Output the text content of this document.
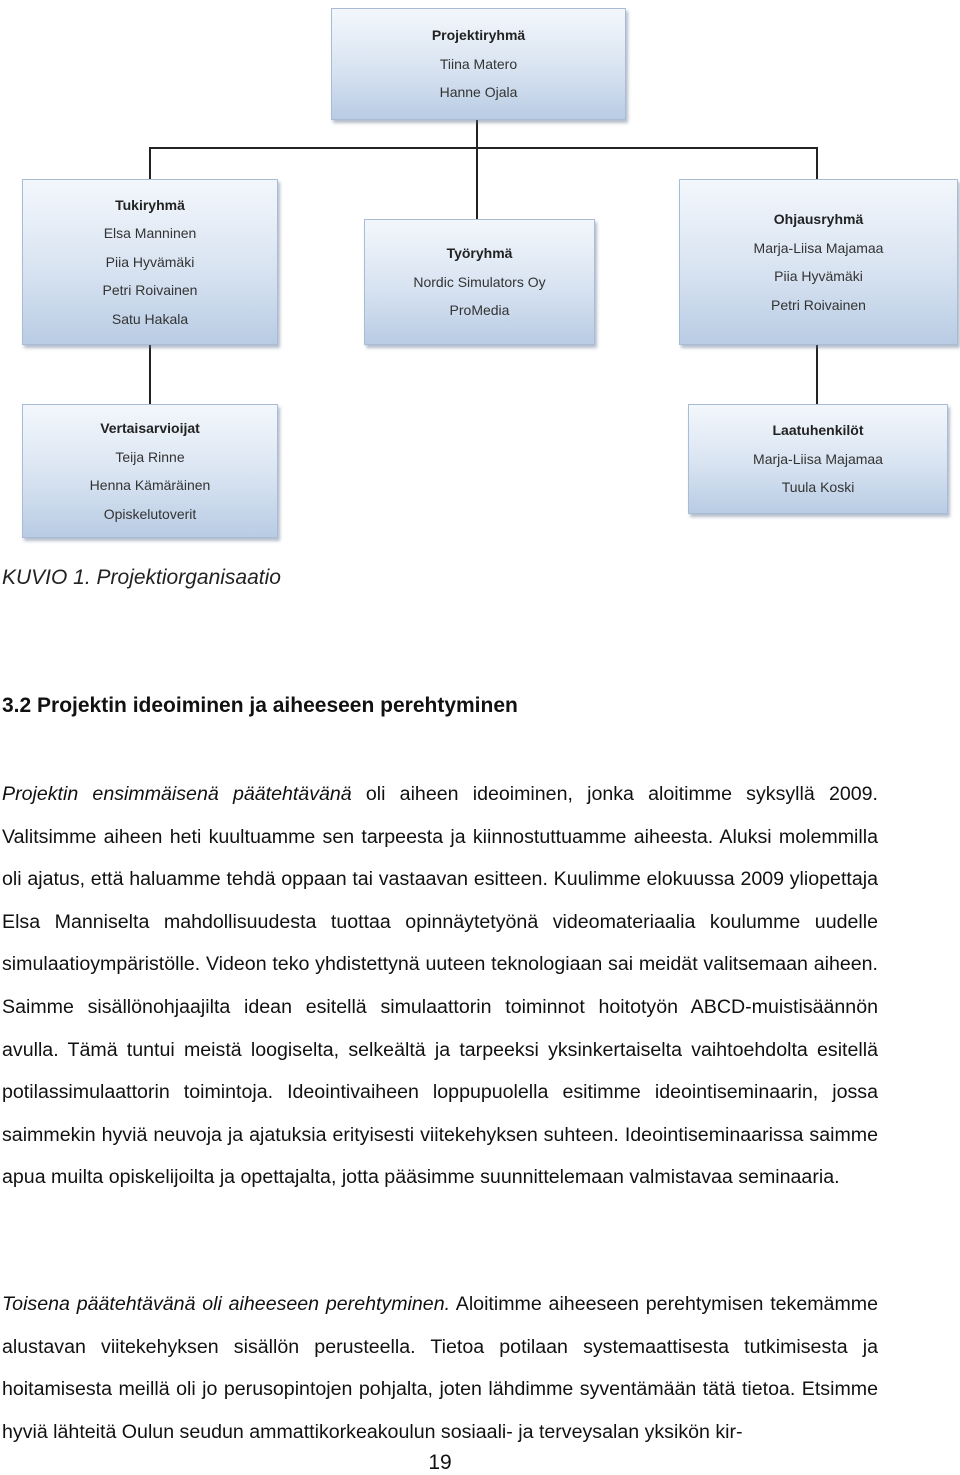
Projektiryhmä
Tiina Matero
Hanne Ojala
Tukiryhmä
Elsa Manninen
Piia Hyvämäki
Petri Roivainen
Satu Hakala
Työryhmä
Nordic Simulators Oy
ProMedia
Ohjausryhmä
Marja-Liisa Majamaa
Piia Hyvämäki
Petri Roivainen
Vertaisarvioijat
Teija Rinne
Henna Kämäräinen
Opiskelutoverit
Laatuhenkilöt
Marja-Liisa Majamaa
Tuula Koski
KUVIO 1. Projektiorganisaatio
3.2 Projektin ideoiminen ja aiheeseen perehtyminen

Projektin ensimmäisenä päätehtävänä oli aiheen ideoiminen, jonka aloitimme syksyllä 2009. Valitsimme aiheen heti kuultuamme sen tarpeesta ja kiinnostuttuamme aiheesta. Aluksi molemmilla oli ajatus, että haluamme tehdä oppaan tai vastaavan esitteen. Kuulimme elokuussa 2009 yliopettaja Elsa Manniselta mahdollisuudesta tuottaa opinnäytetyönä videomateriaalia koulumme uudelle simulaatioympäristölle. Videon teko yhdistettynä uuteen teknologiaan sai meidät valitsemaan aiheen. Saimme sisällönohjaajilta idean esitellä simulaattorin toiminnot hoitotyön ABCD-muistisäännön avulla. Tämä tuntui meistä loogiselta, selkeältä ja tarpeeksi yksinkertaiselta vaihtoehdolta esitellä potilassimulaattorin toimintoja. Ideointivaiheen loppupuolella esitimme ideointiseminaarin, jossa saimmekin hyviä neuvoja ja ajatuksia erityisesti viitekehyksen suhteen. Ideointiseminaarissa saimme apua muilta opiskelijoilta ja opettajalta, jotta pääsimme suunnittelemaan valmistavaa seminaaria.

Toisena päätehtävänä oli aiheeseen perehtyminen. Aloitimme aiheeseen perehtymisen tekemämme alustavan viitekehyksen sisällön perusteella. Tietoa potilaan systemaattisesta tutkimisesta ja hoitamisesta meillä oli jo perusopintojen pohjalta, joten lähdimme syventämään tätä tietoa. Etsimme hyviä lähteitä Oulun seudun ammattikorkeakoulun sosiaali- ja terveysalan yksikön kir-

19
